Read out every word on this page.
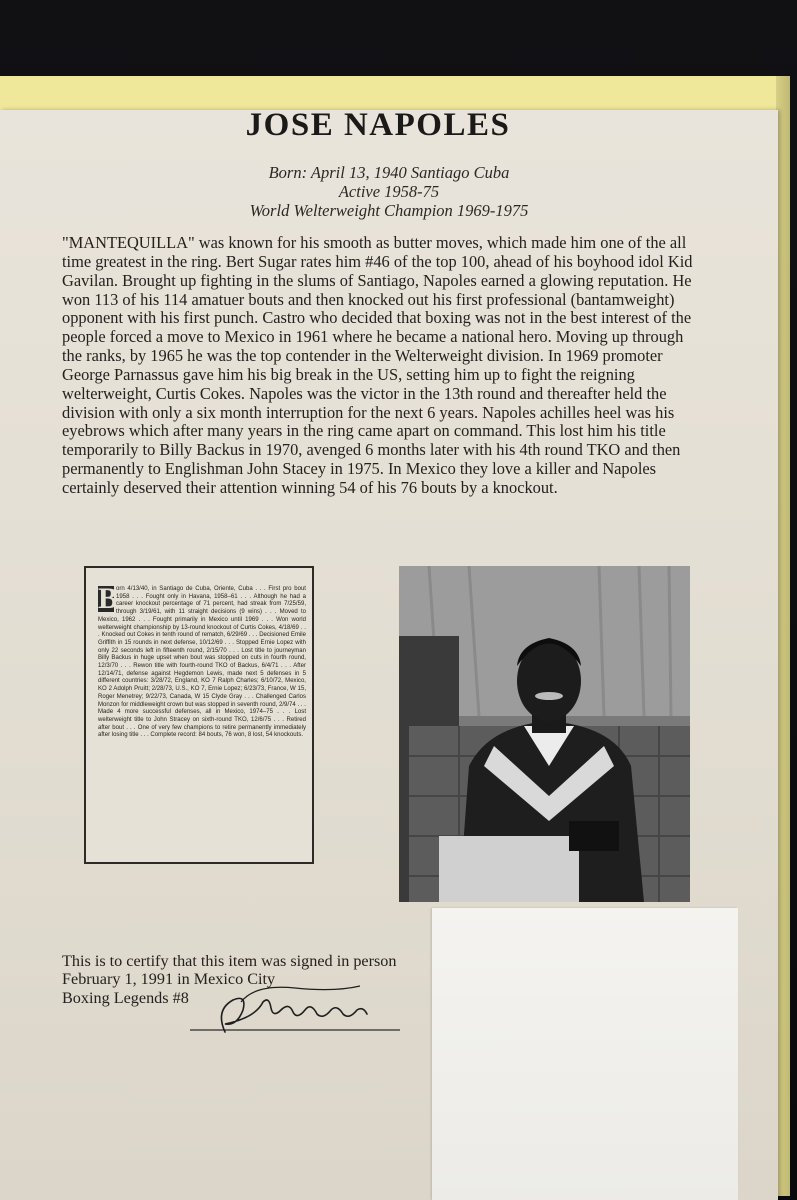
JOSE NAPOLES
Born: April 13, 1940 Santiago Cuba
Active 1958-75
World Welterweight Champion 1969-1975
"MANTEQUILLA" was known for his smooth as butter moves, which made him one of the all time greatest in the ring. Bert Sugar rates him #46 of the top 100, ahead of his boyhood idol Kid Gavilan. Brought up fighting in the slums of Santiago, Napoles earned a glowing reputation. He won 113 of his 114 amatuer bouts and then knocked out his first professional (bantamweight) opponent with his first punch. Castro who decided that boxing was not in the best interest of the people forced a move to Mexico in 1961 where he became a national hero. Moving up through the ranks, by 1965 he was the top contender in the Welterweight division. In 1969 promoter George Parnassus gave him his big break in the US, setting him up to fight the reigning welterweight, Curtis Cokes. Napoles was the victor in the 13th round and thereafter held the division with only a six month interruption for the next 6 years. Napoles achilles heel was his eyebrows which after many years in the ring came apart on command. This lost him his title temporarily to Billy Backus in 1970, avenged 6 months later with his 4th round TKO and then permanently to Englishman John Stacey in 1975. In Mexico they love a killer and Napoles certainly deserved their attention winning 54 of his 76 bouts by a knockout.
B
orn 4/13/40, in Santiago de Cuba, Oriente, Cuba . . . First pro bout 1958 . . . Fought only in Havana, 1958–61 . . . Although he had a career knockout percentage of 71 percent, had streak from 7/25/59, through 3/19/61, with 11 straight decisions (9 wins) . . . Moved to Mexico, 1962 . . . Fought primarily in Mexico until 1969 . . . Won world welterweight championship by 13-round knockout of Curtis Cokes, 4/18/69 . . . Knocked out Cokes in tenth round of rematch, 6/29/69 . . . Decisioned Emile Griffith in 15 rounds in next defense, 10/12/69 . . . Stopped Ernie Lopez with only 22 seconds left in fifteenth round, 2/15/70 . . . Lost title to journeyman Billy Backus in huge upset when bout was stopped on cuts in fourth round, 12/3/70 . . . Rewon title with fourth-round TKO of Backus, 6/4/71 . . . After 12/14/71, defense against Hegdemon Lewis, made next 5 defenses in 5 different countries: 3/28/72, England, KO 7 Ralph Charles; 6/10/72, Mexico, KO 2 Adolph Pruitt; 2/28/73, U.S., KO 7, Ernie Lopez; 6/23/73, France, W 15, Roger Menetrey; 9/22/73, Canada, W 15 Clyde Gray . . . Challenged Carlos Monzon for middleweight crown but was stopped in seventh round, 2/9/74 . . . Made 4 more successful defenses, all in Mexico, 1974–75 . . . Lost welterweight title to John Stracey on sixth-round TKO, 12/6/75 . . . Retired after bout . . . One of very few champions to retire permanently immediately after losing title . . . Complete record: 84 bouts, 76 won, 8 lost, 54 knockouts.
This is to certify that this item was signed in person
February 1, 1991 in Mexico City
Boxing Legends #8
